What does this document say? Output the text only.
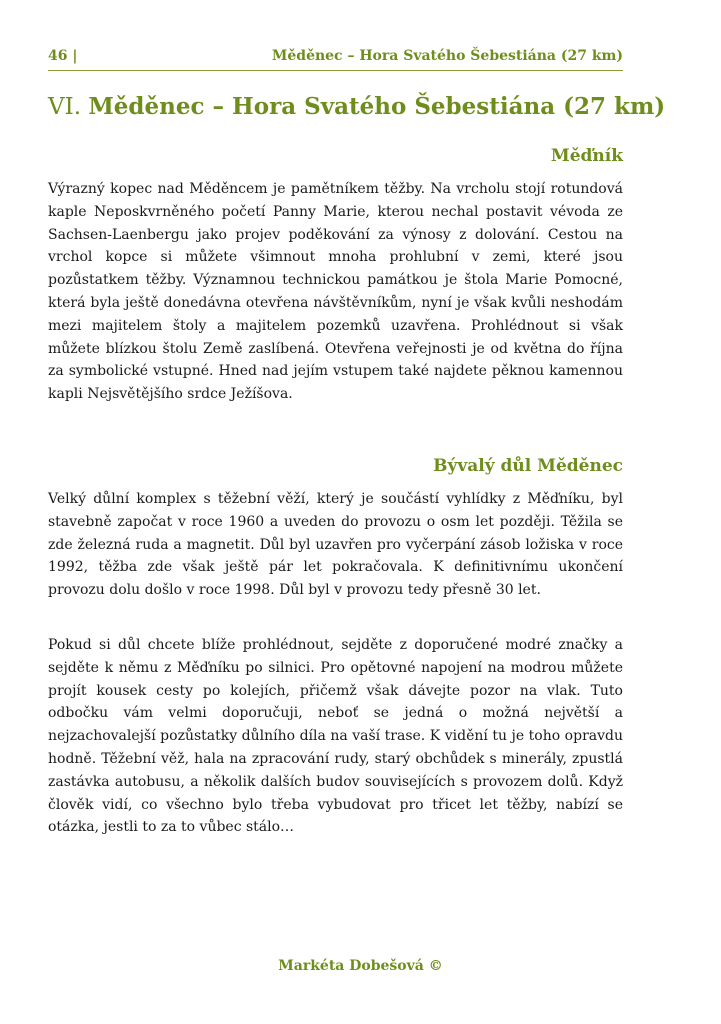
46 |	Měděnec – Hora Svatého Šebestiána (27 km)
VI. Měděnec – Hora Svatého Šebestiána (27 km)
Měďník

Výrazný kopec nad Měděncem je pamětníkem těžby. Na vrcholu stojí rotundová kaple Neposkvrněného početí Panny Marie, kterou nechal postavit vévoda ze Sachsen-Laenbergu jako projev poděkování za výnosy z dolování. Cestou na vrchol kopce si můžete všimnout mnoha prohlubní v zemi, které jsou pozůstatkem těžby. Významnou technickou památkou je štola Marie Pomocné, která byla ještě donedávna otevřena návštěvníkům, nyní je však kvůli neshodám mezi majitelem štoly a majitelem pozemků uzavřena. Prohlédnout si však můžete blízkou štolu Země zaslíbená. Otevřena veřejnosti je od května do října za symbolické vstupné. Hned nad jejím vstupem také najdete pěknou kamennou kapli Nejsvětějšího srdce Ježíšova.

Bývalý důl Měděnec

Velký důlní komplex s těžební věží, který je součástí vyhlídky z Měďníku, byl stavebně započat v roce 1960 a uveden do provozu o osm let později. Těžila se zde železná ruda a magnetit. Důl byl uzavřen pro vyčerpání zásob ložiska v roce 1992, těžba zde však ještě pár let pokračovala. K definitivnímu ukončení provozu dolu došlo v roce 1998. Důl byl v provozu tedy přesně 30 let.

Pokud si důl chcete blíže prohlédnout, sejděte z doporučené modré značky a sejděte k němu z Měďníku po silnici. Pro opětovné napojení na modrou můžete projít kousek cesty po kolejích, přičemž však dávejte pozor na vlak. Tuto odbočku vám velmi doporučuji, neboť se jedná o možná největší a nejzachovalejší pozůstatky důlního díla na vaší trase. K vidění tu je toho opravdu hodně. Těžební věž, hala na zpracování rudy, starý obchůdek s minerály, zpustlá zastávka autobusu, a několik dalších budov souvisejících s provozem dolů. Když člověk vidí, co všechno bylo třeba vybudovat pro třicet let těžby, nabízí se otázka, jestli to za to vůbec stálo…

Markéta Dobešová ©
